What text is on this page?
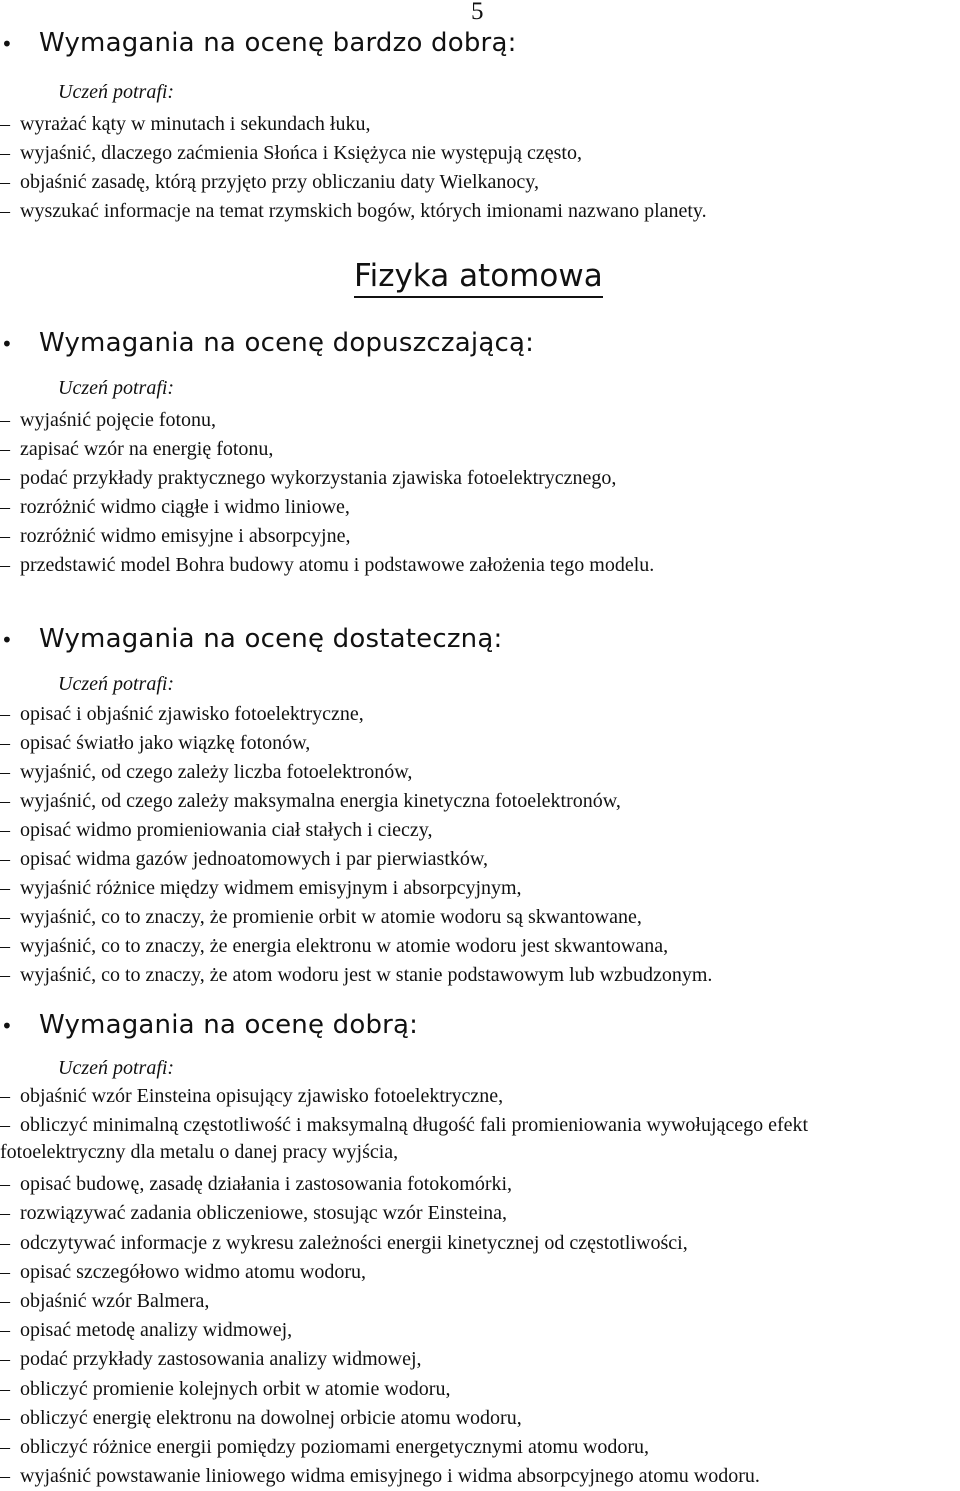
5
• Wymagania na ocenę bardzo dobrą:
Uczeń potrafi:
– wyrażać kąty w minutach i sekundach łuku,
– wyjaśnić, dlaczego zaćmienia Słońca i Księżyca nie występują często,
– objaśnić zasadę, którą przyjęto przy obliczaniu daty Wielkanocy,
– wyszukać informacje na temat rzymskich bogów, których imionami nazwano planety.
Fizyka atomowa
• Wymagania na ocenę dopuszczającą:
Uczeń potrafi:
– wyjaśnić pojęcie fotonu,
– zapisać wzór na energię fotonu,
– podać przykłady praktycznego wykorzystania zjawiska fotoelektrycznego,
– rozróżnić widmo ciągłe i widmo liniowe,
– rozróżnić widmo emisyjne i absorpcyjne,
– przedstawić model Bohra budowy atomu i podstawowe założenia tego modelu.
• Wymagania na ocenę dostateczną:
Uczeń potrafi:
– opisać i objaśnić zjawisko fotoelektryczne,
– opisać światło jako wiązkę fotonów,
– wyjaśnić, od czego zależy liczba fotoelektronów,
– wyjaśnić, od czego zależy maksymalna energia kinetyczna fotoelektronów,
– opisać widmo promieniowania ciał stałych i cieczy,
– opisać widma gazów jednoatomowych i par pierwiastków,
– wyjaśnić różnice między widmem emisyjnym i absorpcyjnym,
– wyjaśnić, co to znaczy, że promienie orbit w atomie wodoru są skwantowane,
– wyjaśnić, co to znaczy, że energia elektronu w atomie wodoru jest skwantowana,
– wyjaśnić, co to znaczy, że atom wodoru jest w stanie podstawowym lub wzbudzonym.
• Wymagania na ocenę dobrą:
Uczeń potrafi:
– objaśnić wzór Einsteina opisujący zjawisko fotoelektryczne,
– obliczyć minimalną częstotliwość i maksymalną długość fali promieniowania wywołującego efekt fotoelektryczny dla metalu o danej pracy wyjścia,
– opisać budowę, zasadę działania i zastosowania fotokomórki,
– rozwiązywać zadania obliczeniowe, stosując wzór Einsteina,
– odczytywać informacje z wykresu zależności energii kinetycznej od częstotliwości,
– opisać szczegółowo widmo atomu wodoru,
– objaśnić wzór Balmera,
– opisać metodę analizy widmowej,
– podać przykłady zastosowania analizy widmowej,
– obliczyć promienie kolejnych orbit w atomie wodoru,
– obliczyć energię elektronu na dowolnej orbicie atomu wodoru,
– obliczyć różnice energii pomiędzy poziomami energetycznymi atomu wodoru,
– wyjaśnić powstawanie liniowego widma emisyjnego i widma absorpcyjnego atomu wodoru.
